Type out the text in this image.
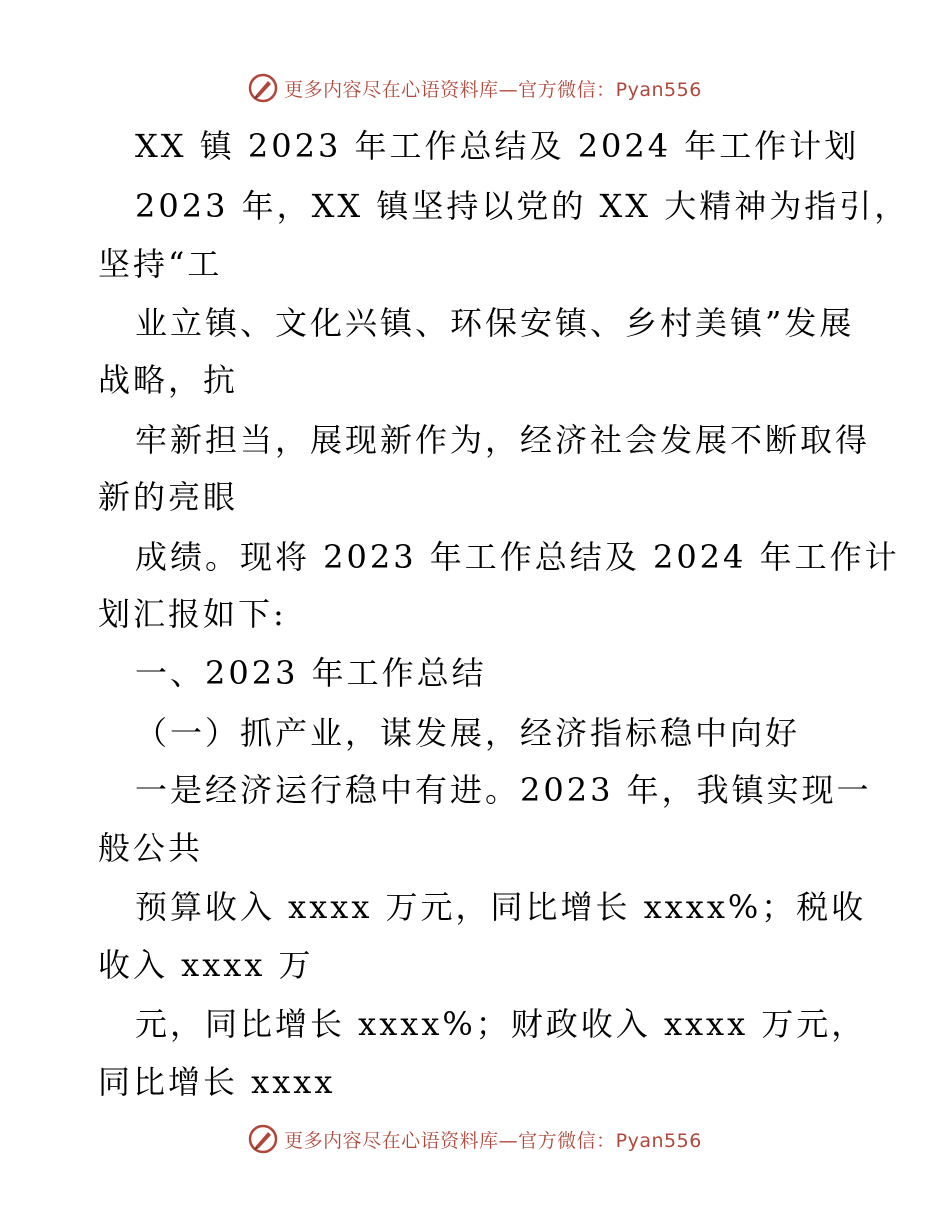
更多内容尽在心语资料库—官方微信：Pyan556
XX 镇 2023 年工作总结及 2024 年工作计划
2023 年，XX 镇坚持以党的 XX 大精神为指引，
坚持“工
业立镇、文化兴镇、环保安镇、乡村美镇”发展
战略，抗
牢新担当，展现新作为，经济社会发展不断取得
新的亮眼
成绩。现将 2023 年工作总结及 2024 年工作计
划汇报如下:
一、2023 年工作总结
（一）抓产业，谋发展，经济指标稳中向好
一是经济运行稳中有进。2023 年，我镇实现一
般公共
预算收入 xxxx 万元，同比增长 xxxx%；税收
收入 xxxx 万
元，同比增长 xxxx%；财政收入 xxxx 万元，
同比增长 xxxx
更多内容尽在心语资料库—官方微信：Pyan556
